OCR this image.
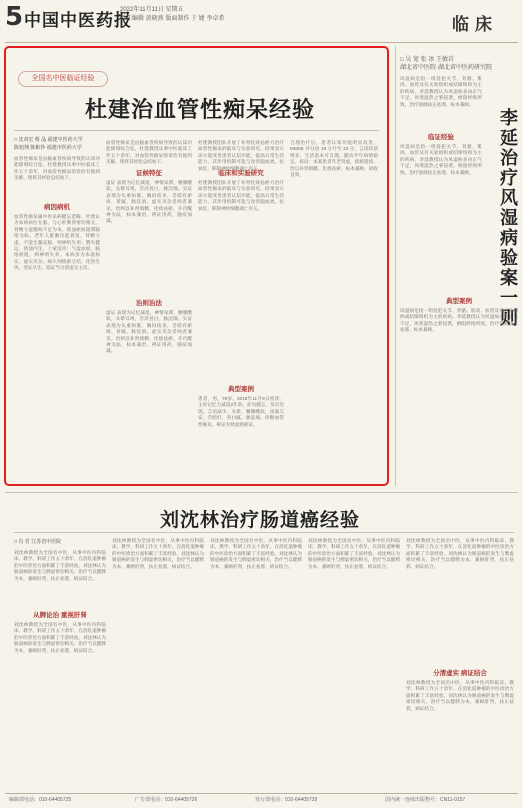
5 中国中医药报
2022年11月11日 星期五
责任编辑 黄晓燕 版面制作 于 婕 李卓希	临床
全国名中医临证经验
杜建治血管性痴呆经验
□ 沈双宏 蔡 晶 福建中医药大学
陈旭翔 陈彬钞 福建中医药大学
血管性痴呆是由脑血管疾病导致的认知功能障碍综合征，杜建教授从事中医临床工作五十余年，对血管性痴呆的诊治有独到见解，现将其经验总结如下。
病因病机
血管性痴呆属中医呆病健忘范畴。杜建认为本病病位在脑，与心肝脾肾密切相关。肾精亏虚髓海不足为本，痰浊瘀血阻滞脑络为标。老年人脏腑功能衰退，肾精亏虚，不能生髓充脑，则神机失用；脾失健运，痰浊内生，上蒙清窍；气虚血瘀，脑络瘀阻，则神明失养。本病多为本虚标实，虚实夹杂。病久则痰瘀互结，化热生风，变证丛生。临证当分清虚实主次。
血管性痴呆是由脑血管疾病导致的认知功能障碍综合征，杜建教授从事中医临床工作五十余年，对血管性痴呆的诊治有独到见解，现将其经验总结如下。
证候特征
虚证 表现为记忆减退，神情呆滞，腰膝酸软，头晕耳鸣，舌淡苔白，脉沉细。实证 表现为头重如裹，胸闷痰多，舌暗有瘀斑，苔腻，脉弦滑。虚实夹杂者两者兼见。治则以补肾填精、化痰祛瘀、开窍醒神为法，标本兼治，辨证用药，随症加减。
治则治法
虚证 表现为记忆减退，神情呆滞，腰膝酸软，头晕耳鸣，舌淡苔白，脉沉细。实证 表现为头重如裹，胸闷痰多，舌暗有瘀斑，苔腻，脉弦滑。虚实夹杂者两者兼见。治则以补肾填精、化痰祛瘀、开窍醒神为法，标本兼治，辨证用药，随症加减。
杜建教授团队开展了补肾化痰祛瘀方治疗血管性痴呆的临床与实验研究，结果显示该方能改善患者认知功能，提高日常生活能力，其作用机制可能与改善脑血流、抗氧化、抑制神经细胞凋亡有关。
临床和实验研究
杜建教授团队开展了补肾化痰祛瘀方治疗血管性痴呆的临床与实验研究，结果显示该方能改善患者认知功能，提高日常生活能力，其作用机制可能与改善脑血流、抗氧化、抑制神经细胞凋亡有关。
典型案例
患者，男，78岁，2018年11月9日初诊。主诉记忆力减退2年余。症见健忘，反应迟钝，言语减少，头晕，腰膝酸软，夜寐欠安，舌暗红，苔白腻，脉弦细。诊断血管性痴呆，辨证为肾虚痰瘀证。
合理治疗后，患者认知功能明显改善，MMSE 评分由 18 分升至 23 分，言语较前增多，生活基本可自理。随访半年病情稳定。按语：本案患者年老肾虚，痰瘀阻络，治以补肾填精、化痰祛瘀，标本兼顾，故收良效。
□ 吴 宽 张 冰 王敏岩
湖北省中医院·湖北省中医药研究院
李延治疗风湿病验案一则
风湿病是指一组侵犯关节、骨骼、肌肉、血管及有关软组织或结缔组织为主的疾病。李延教授认为风湿病多由正气不足，风寒湿热之邪侵袭，痹阻经络所致。治疗强调扶正祛邪，标本兼顾。
临证经验
风湿病是指一组侵犯关节、骨骼、肌肉、血管及有关软组织或结缔组织为主的疾病。李延教授认为风湿病多由正气不足，风寒湿热之邪侵袭，痹阻经络所致。治疗强调扶正祛邪，标本兼顾。
典型案例
风湿病是指一组侵犯关节、骨骼、肌肉、血管及有关软组织或结缔组织为主的疾病。李延教授认为风湿病多由正气不足，风寒湿热之邪侵袭，痹阻经络所致。治疗强调扶正祛邪，标本兼顾。
刘沈林治疗肠道癌经验
□ 肖 君 江苏省中医院
刘沈林教授为全国名中医，从事中医内科临床、教学、科研工作五十余年，在消化道肿瘤的中医诊治方面积累了丰富经验。刘沈林认为肠道癌的发生与脾虚密切相关，治疗当以健脾为本，兼顾肝肾，扶正祛邪，病证结合。
从脾论治 重视肝肾
刘沈林教授为全国名中医，从事中医内科临床、教学、科研工作五十余年，在消化道肿瘤的中医诊治方面积累了丰富经验。刘沈林认为肠道癌的发生与脾虚密切相关，治疗当以健脾为本，兼顾肝肾，扶正祛邪，病证结合。
刘沈林教授为全国名中医，从事中医内科临床、教学、科研工作五十余年，在消化道肿瘤的中医诊治方面积累了丰富经验。刘沈林认为肠道癌的发生与脾虚密切相关，治疗当以健脾为本，兼顾肝肾，扶正祛邪，病证结合。
刘沈林教授为全国名中医，从事中医内科临床、教学、科研工作五十余年，在消化道肿瘤的中医诊治方面积累了丰富经验。刘沈林认为肠道癌的发生与脾虚密切相关，治疗当以健脾为本，兼顾肝肾，扶正祛邪，病证结合。
刘沈林教授为全国名中医，从事中医内科临床、教学、科研工作五十余年，在消化道肿瘤的中医诊治方面积累了丰富经验。刘沈林认为肠道癌的发生与脾虚密切相关，治疗当以健脾为本，兼顾肝肾，扶正祛邪，病证结合。
分清虚实 病证结合
刘沈林教授为全国名中医，从事中医内科临床、教学、科研工作五十余年，在消化道肿瘤的中医诊治方面积累了丰富经验。刘沈林认为肠道癌的发生与脾虚密切相关，治疗当以健脾为本，兼顾肝肾，扶正祛邪，病证结合。
刘沈林教授为全国名中医，从事中医内科临床、教学、科研工作五十余年，在消化道肿瘤的中医诊治方面积累了丰富经验。刘沈林认为肠道癌的发生与脾虚密切相关，治疗当以健脾为本，兼顾肝肾，扶正祛邪，病证结合。
编辑部电话：010-64405725	广告部电话：010-64405726	发行部电话：010-64405729	国内统一连续出版物号：CN11-0157
